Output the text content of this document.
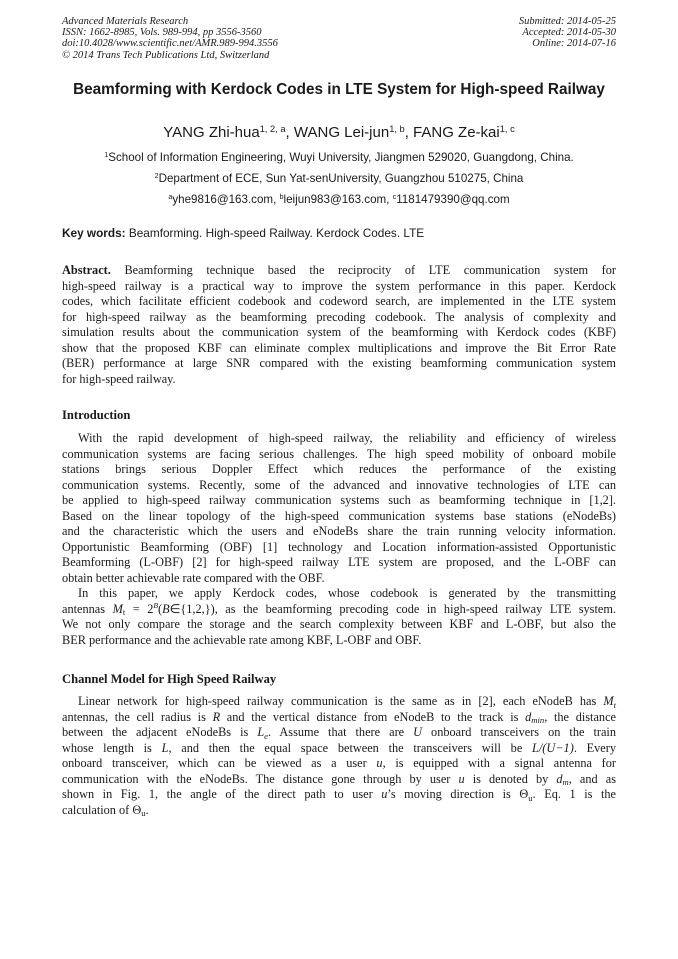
Advanced Materials Research
ISSN: 1662-8985, Vols. 989-994, pp 3556-3560
doi:10.4028/www.scientific.net/AMR.989-994.3556
© 2014 Trans Tech Publications Ltd, Switzerland
Submitted: 2014-05-25
Accepted: 2014-05-30
Online: 2014-07-16
Beamforming with Kerdock Codes in LTE System for High-speed Railway
YANG Zhi-hua$^{1, 2, a}$, WANG Lei-jun$^{1, b}$, FANG Ze-kai$^{1, c}$
$^1$School of Information Engineering, Wuyi University, Jiangmen 529020, Guangdong, China.
$^2$Department of ECE, Sun Yat-senUniversity, Guangzhou 510275, China
$^a$yhe9816@163.com, $^b$leijun983@163.com, $^c$1181479390@qq.com
Key words: Beamforming. High-speed Railway. Kerdock Codes. LTE
Abstract. Beamforming technique based the reciprocity of LTE communication system for
high-speed railway is a practical way to improve the system performance in this paper. Kerdock
codes, which facilitate efficient codebook and codeword search, are implemented in the LTE system
for high-speed railway as the beamforming precoding codebook. The analysis of complexity and
simulation results about the communication system of the beamforming with Kerdock codes (KBF)
show that the proposed KBF can eliminate complex multiplications and improve the Bit Error Rate
(BER) performance at large SNR compared with the existing beamforming communication system
for high-speed railway.
Introduction
With the rapid development of high-speed railway, the reliability and efficiency of wireless
communication systems are facing serious challenges. The high speed mobility of onboard mobile
stations brings serious Doppler Effect which reduces the performance of the existing
communication systems. Recently, some of the advanced and innovative technologies of LTE can
be applied to high-speed railway communication systems such as beamforming technique in [1,2].
Based on the linear topology of the high-speed communication systems base stations (eNodeBs)
and the characteristic which the users and eNodeBs share the train running velocity information.
Opportunistic Beamforming (OBF) [1] technology and Location information-assisted Opportunistic
Beamforming (L-OBF) [2] for high-speed railway LTE system are proposed, and the L-OBF can
obtain better achievable rate compared with the OBF.
In this paper, we apply Kerdock codes, whose codebook is generated by the transmitting
antennas $M_t$ = $2^B(B\in\{1,2,\})$, as the beamforming precoding code in high-speed railway LTE system.
We not only compare the storage and the search complexity between KBF and L-OBF, but also the
BER performance and the achievable rate among KBF, L-OBF and OBF.
Channel Model for High Speed Railway
Linear network for high-speed railway communication is the same as in [2], each eNodeB has $M_t$
antennas, the cell radius is R and the vertical distance from eNodeB to the track is $d_{min}$, the distance
between the adjacent eNodeBs is $L_e$. Assume that there are U onboard transceivers on the train
whose length is L, and then the equal space between the transceivers will be L/(U−1). Every
onboard transceiver, which can be viewed as a user u, is equipped with a signal antenna for
communication with the eNodeBs. The distance gone through by user u is denoted by $d_m$, and as
shown in Fig. 1, the angle of the direct path to user u’s moving direction is $\Theta_u$. Eq. 1 is the
calculation of $\Theta_u$.
